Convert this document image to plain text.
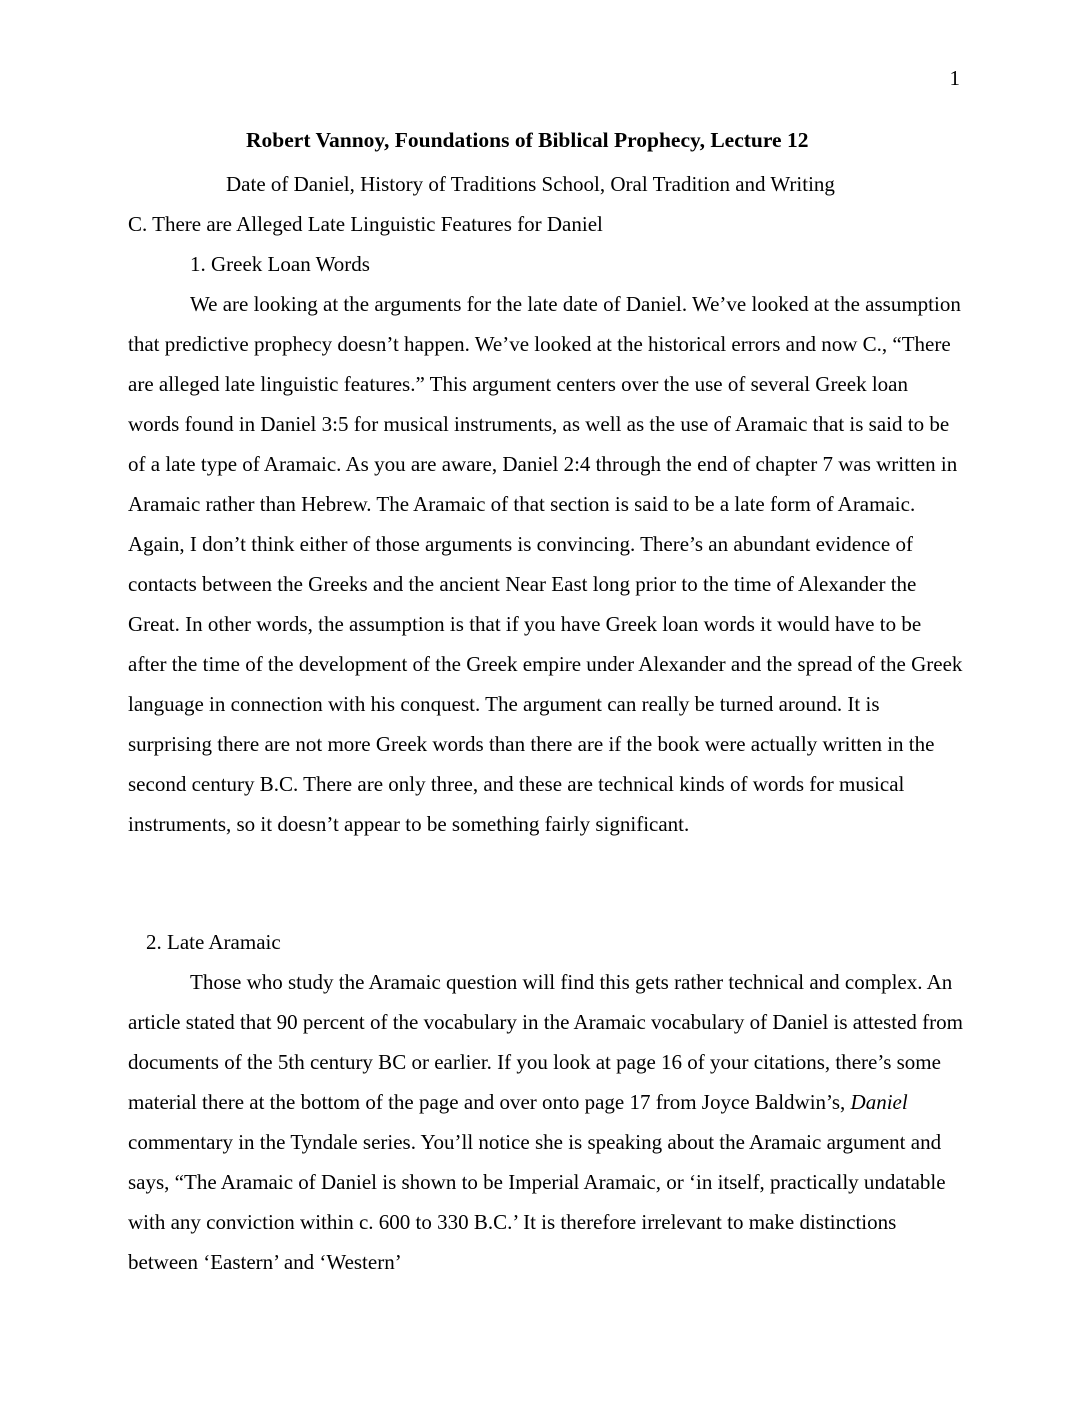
1
Robert Vannoy, Foundations of Biblical Prophecy, Lecture 12
Date of Daniel, History of Traditions School, Oral Tradition and Writing
C. There are Alleged Late Linguistic Features for Daniel
1. Greek Loan Words
We are looking at the arguments for the late date of Daniel. We’ve looked at the assumption that predictive prophecy doesn’t happen. We’ve looked at the historical errors and now C., “There are alleged late linguistic features.” This argument centers over the use of several Greek loan words found in Daniel 3:5 for musical instruments, as well as the use of Aramaic that is said to be of a late type of Aramaic. As you are aware, Daniel 2:4 through the end of chapter 7 was written in Aramaic rather than Hebrew. The Aramaic of that section is said to be a late form of Aramaic. Again, I don’t think either of those arguments is convincing. There’s an abundant evidence of contacts between the Greeks and the ancient Near East long prior to the time of Alexander the Great. In other words, the assumption is that if you have Greek loan words it would have to be after the time of the development of the Greek empire under Alexander and the spread of the Greek language in connection with his conquest. The argument can really be turned around. It is surprising there are not more Greek words than there are if the book were actually written in the second century B.C. There are only three, and these are technical kinds of words for musical instruments, so it doesn’t appear to be something fairly significant.
2. Late Aramaic
Those who study the Aramaic question will find this gets rather technical and complex. An article stated that 90 percent of the vocabulary in the Aramaic vocabulary of Daniel is attested from documents of the 5th century BC or earlier. If you look at page 16 of your citations, there’s some material there at the bottom of the page and over onto page 17 from Joyce Baldwin’s, Daniel commentary in the Tyndale series. You’ll notice she is speaking about the Aramaic argument and says, “The Aramaic of Daniel is shown to be Imperial Aramaic, or ‘in itself, practically undatable with any conviction within c. 600 to 330 B.C.’ It is therefore irrelevant to make distinctions between ‘Eastern’ and ‘Western’
